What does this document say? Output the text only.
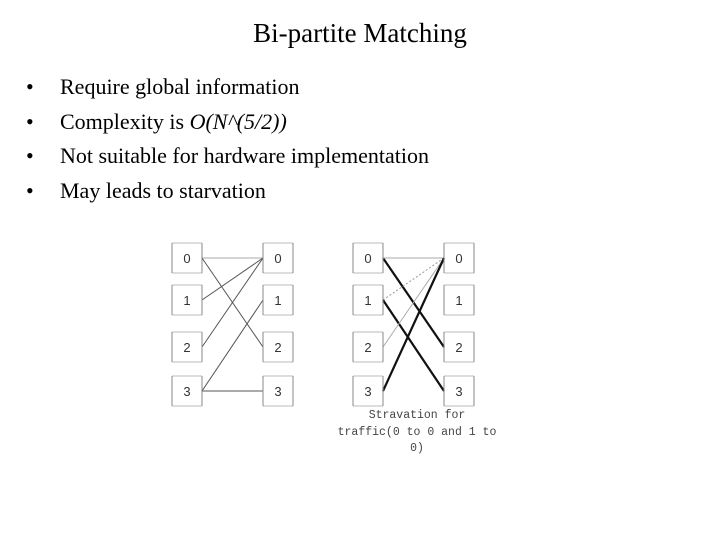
Bi-partite Matching
• Require global information
• Complexity is O(N^(5/2))
• Not suitable for hardware implementation
• May leads to starvation
0
1
2
3
0
1
2
3
0
1
2
3
0
1
2
3
Stravation for
traffic(0 to 0 and 1 to
0)
